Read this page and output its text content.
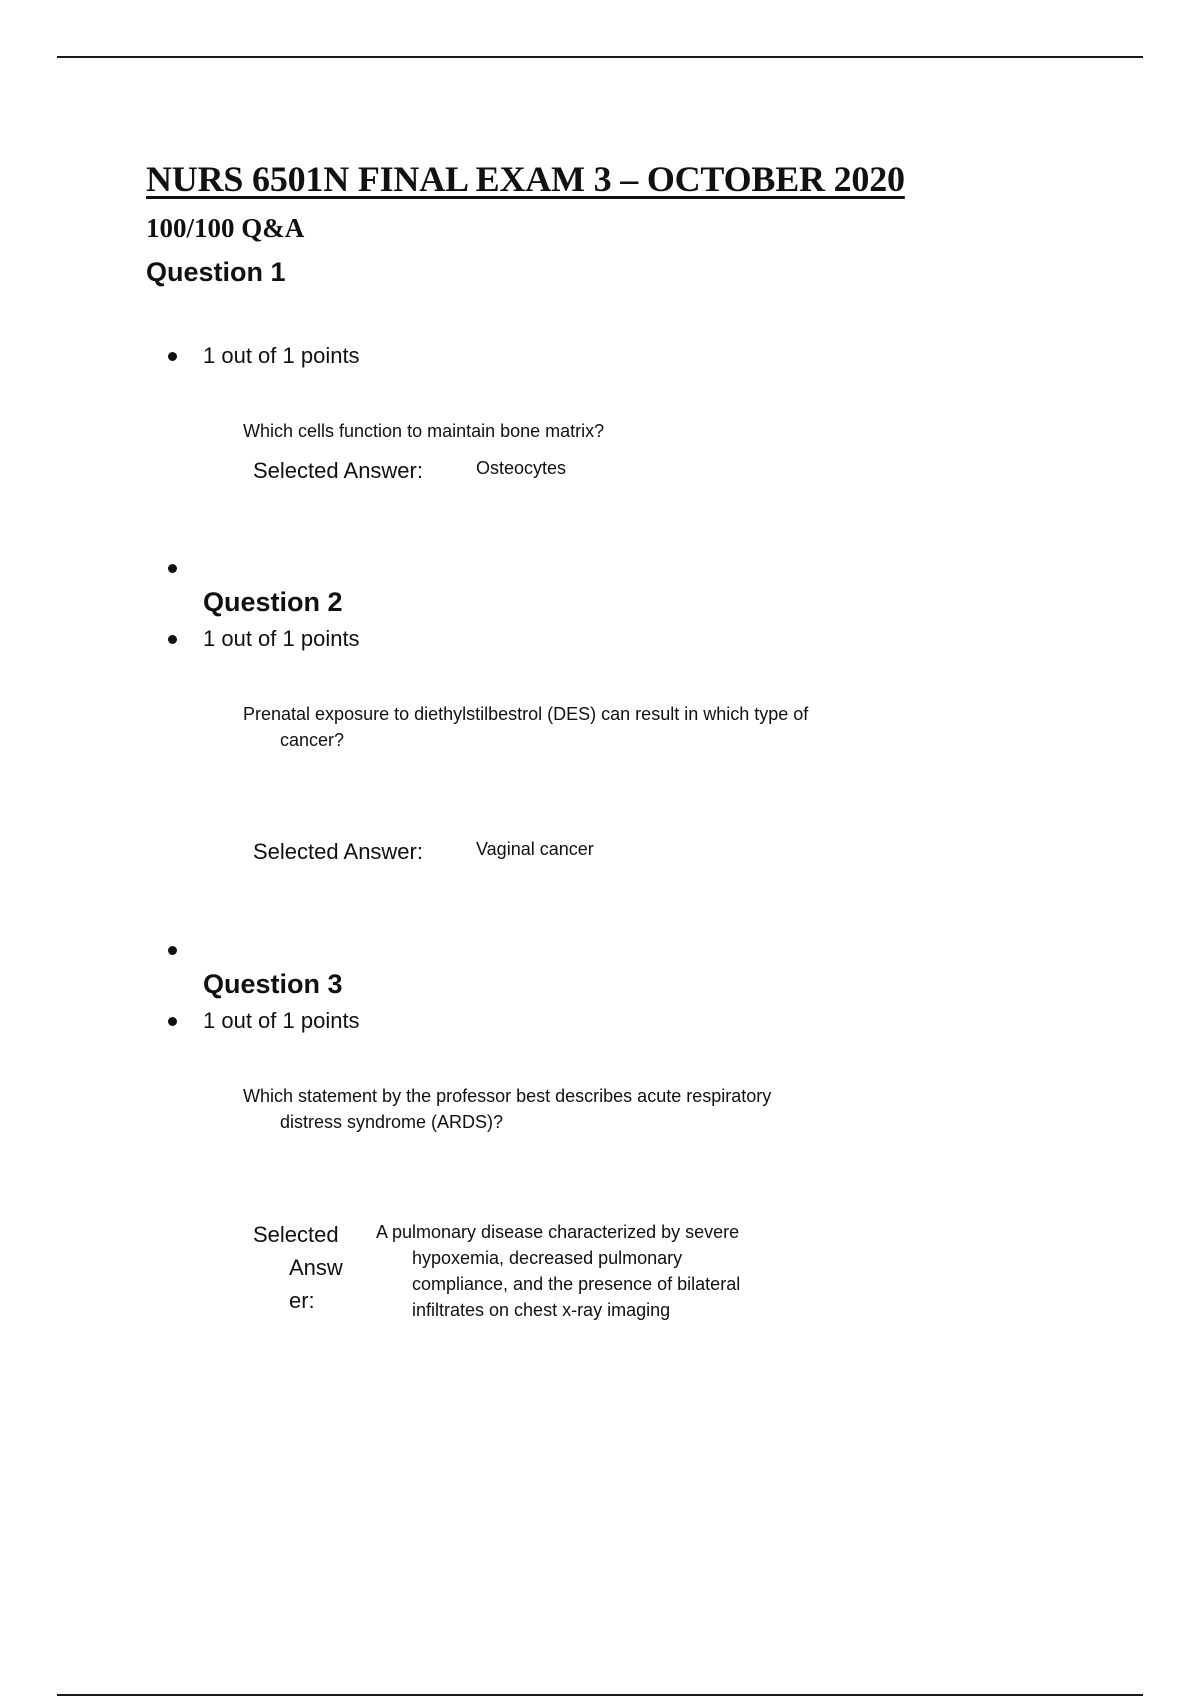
NURS 6501N FINAL EXAM 3 – OCTOBER 2020
100/100 Q&A
Question 1
1 out of 1 points
Which cells function to maintain bone matrix?
Selected Answer:	Osteocytes
Question 2
1 out of 1 points
Prenatal exposure to diethylstilbestrol (DES) can result in which type of
cancer?
Selected Answer:	Vaginal cancer
Question 3
1 out of 1 points
Which statement by the professor best describes acute respiratory
distress syndrome (ARDS)?
Selected
Answ
er:
A pulmonary disease characterized by severe
hypoxemia, decreased pulmonary
compliance, and the presence of bilateral
infiltrates on chest x-ray imaging
